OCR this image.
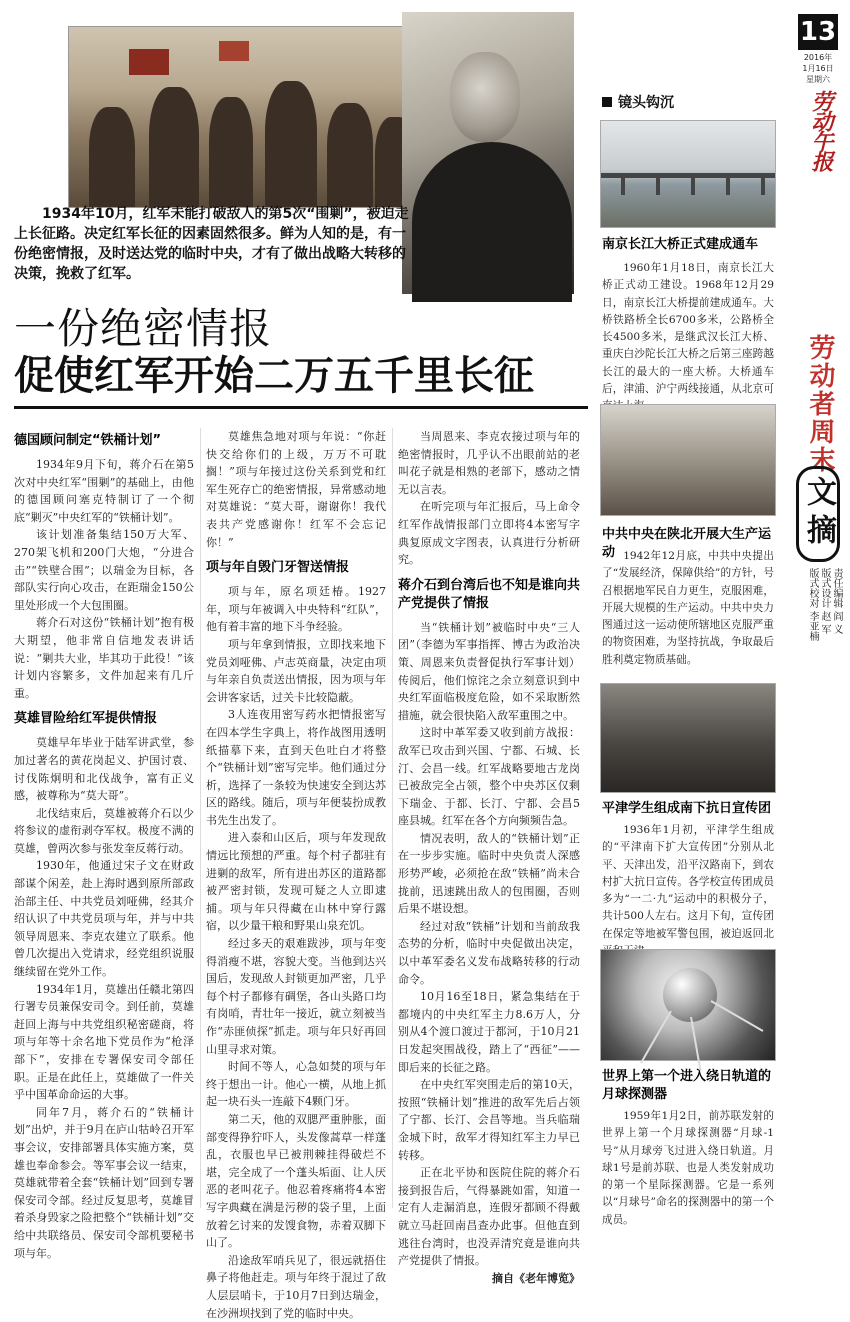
1934年10月，红军未能打破敌人的第5次“围剿”，被迫走上长征路。决定红军长征的因素固然很多。鲜为人知的是，有一份绝密情报，及时送达党的临时中央，才有了做出战略大转移的决策，挽救了红军。

一份绝密情报
促使红军开始二万五千里长征
德国顾问制定“铁桶计划”

1934年9月下旬，蒋介石在第5次对中央红军“围剿”的基础上，由他的德国顾问塞克特制订了一个彻底“剿灭”中央红军的“铁桶计划”。

该计划准备集结150万大军、270架飞机和200门大炮，“分进合击”“铁壁合围”；以瑞金为目标，各部队实行向心攻击，在距瑞金150公里处形成一个大包围圈。

蒋介石对这份“铁桶计划”抱有极大期望，他非常自信地发表讲话说：“剿共大业，毕其功于此役！”该计划内容繁多，文件加起来有几斤重。

莫雄冒险给红军提供情报

莫雄早年毕业于陆军讲武堂，参加过著名的黄花岗起义、护国讨袁、讨伐陈炯明和北伐战争，富有正义感，被尊称为“莫大哥”。

北伐结束后，莫雄被蒋介石以少将参议的虚衔剥夺军权。极度不满的莫雄，曾两次参与张发奎反蒋行动。

1930年，他通过宋子文在财政部谋个闲差，赴上海时遇到原所部政治部主任、中共党员刘哑佛，经其介绍认识了中共党员项与年，并与中共领导周恩来、李克农建立了联系。他曾几次提出入党请求，经党组织说服继续留在党外工作。

1934年1月，莫雄出任赣北第四行署专员兼保安司令。到任前，莫雄赶回上海与中共党组织秘密磋商，将项与年等十余名地下党员作为“枪泽部下”，安排在专署保安司令部任职。正是在此任上，莫雄做了一件关乎中国革命命运的大事。

同年7月，蒋介石的“铁桶计划”出炉，并于9月在庐山牯岭召开军事会议，安排部署具体实施方案，莫雄也奉命参会。等军事会议一结束，莫雄就带着全套“铁桶计划”回到专署保安司令部。经过反复思考，莫雄冒着杀身毁家之险把整个“铁桶计划”交给中共联络员、保安司令部机要秘书项与年。

莫雄焦急地对项与年说：“你赶快交给你们的上级，万万不可耽搁！”项与年接过这份关系到党和红军生死存亡的绝密情报，异常感动地对莫雄说：“莫大哥，谢谢你！我代表共产党感谢你！红军不会忘记你！”

项与年自毁门牙智送情报

项与年，原名项廷椿。1927年，项与年被调入中央特科“红队”，他有着丰富的地下斗争经验。

项与年拿到情报，立即找来地下党员刘哑佛、卢志英商量，决定由项与年亲自负责送出情报，因为项与年会讲客家话，过关卡比较隐蔽。

3人连夜用密写药水把情报密写在四本学生字典上，将作战图用透明纸描摹下来，直到天色吐白才将整个“铁桶计划”密写完毕。他们通过分析，选择了一条较为快速安全到达苏区的路线。随后，项与年便装扮成教书先生出发了。

进入泰和山区后，项与年发现敌情远比预想的严重。每个村子都驻有进剿的敌军，所有进出苏区的道路都被严密封锁，发现可疑之人立即逮捕。项与年只得藏在山林中穿行露宿，以少量干粮和野果山泉充饥。

经过多天的艰难跋涉，项与年变得消瘦不堪，容貌大变。当他到达兴国后，发现敌人封锁更加严密，几乎每个村子都修有碉堡，各山头路口均有岗哨，青壮年一接近，就立刻被当作“赤匪侦探”抓走。项与年只好再回山里寻求对策。

时间不等人，心急如焚的项与年终于想出一计。他心一横，从地上抓起一块石头一连敲下4颗门牙。

第二天，他的双腮严重肿胀，面部变得狰狞吓人，头发像蒿草一样蓬乱，衣服也早已被荆棘挂得破烂不堪，完全成了一个蓬头垢面、让人厌恶的老叫花子。他忍着疼痛将4本密写字典藏在满是污秽的袋子里，上面放着乞讨来的发馊食物，赤着双脚下山了。

沿途敌军哨兵见了，很远就捂住鼻子将他赶走。项与年终于混过了敌人层层哨卡，于10月7日到达瑞金，在沙洲坝找到了党的临时中央。

当周恩来、李克农接过项与年的绝密情报时，几乎认不出眼前站的老叫花子就是相熟的老部下，感动之情无以言表。

在听完项与年汇报后，马上命令红军作战情报部门立即将4本密写字典复原成文字图表，认真进行分析研究。

蒋介石到台湾后也不知是谁向共产党提供了情报

当“铁桶计划”被临时中央“三人团”（李德为军事指挥、博古为政治决策、周恩来负责督促执行军事计划）传阅后，他们惊诧之余立刻意识到中央红军面临极度危险，如不采取断然措施，就会很快陷入敌军重围之中。

这时中革军委又收到前方战报：敌军已攻击到兴国、宁都、石城、长汀、会昌一线。红军战略要地古龙岗已被敌完全占领，整个中央苏区仅剩下瑞金、于都、长汀、宁都、会昌5座县城。红军在各个方向频频告急。

情况表明，敌人的“铁桶计划”正在一步步实施。临时中央负责人深感形势严峻，必须抢在敌“铁桶”尚未合拢前，迅速跳出敌人的包围圈，否则后果不堪设想。

经过对敌“铁桶”计划和当前敌我态势的分析，临时中央促做出决定，以中革军委名义发布战略转移的行动命令。

10月16至18日，紧急集结在于都境内的中央红军主力8.6万人，分别从4个渡口渡过于都河，于10月21日发起突围战役，踏上了“西征”——即后来的长征之路。

在中央红军突围走后的第10天，按照“铁桶计划”推进的敌军先后占领了宁都、长汀、会昌等地。当兵临瑞金城下时，敌军才得知红军主力早已转移。

正在北平协和医院住院的蒋介石接到报告后，气得暴跳如雷，知道一定有人走漏消息，连假牙都顾不得戴就立马赶回南昌查办此事。但他直到逃往台湾时，也没弄清究竟是谁向共产党提供了情报。

摘自《老年博览》
镜头钩沉
南京长江大桥正式建成通车

1960年1月18日，南京长江大桥正式动工建设。1968年12月29日，南京长江大桥提前建成通车。大桥铁路桥全长6700多米，公路桥全长4500多米，是继武汉长江大桥、重庆白沙陀长江大桥之后第三座跨越长江的最大的一座大桥。大桥通车后，津浦、沪宁两线接通，从北京可

中共中央在陕北开展大生产运动 1942年12月底，中共中央提出了“发展经济，保障供给”的方针，号召根据地军民自力更生，克服困难，开展大规模的生产运动。中共中央力图通过这一运动使所辖地区克服严重的物资困难，为坚持抗战，争取最后胜利奠定物质基础。

平津学生组成南下抗日宣传团

1936年1月初，平津学生组成的“平津南下扩大宣传团”分别从北平、天津出发，沿平汉路南下，到农村扩大抗日宣传。各学校宣传团成员多为“一二·九”运动中的积极分子，共计500人左右。这月下旬，宣传团在保定等地被军警包围，被迫返回北

世界上第一个进入绕日轨道的月球探测器

1959年1月2日，前苏联发射的世界上第一个月球探测器“月球-1号”从月球旁飞过进入绕日轨道。月球1号是前苏联、也是人类发射成功的第一个星际探测器。它是一系列以“月球号”命名的探测器中的第一个成员。

13
2016年
1月16日
星期六
劳动午报
劳动者周末
文摘
责任编辑 阎 义
版式设计 赵 军
版式校对 李亚楠
